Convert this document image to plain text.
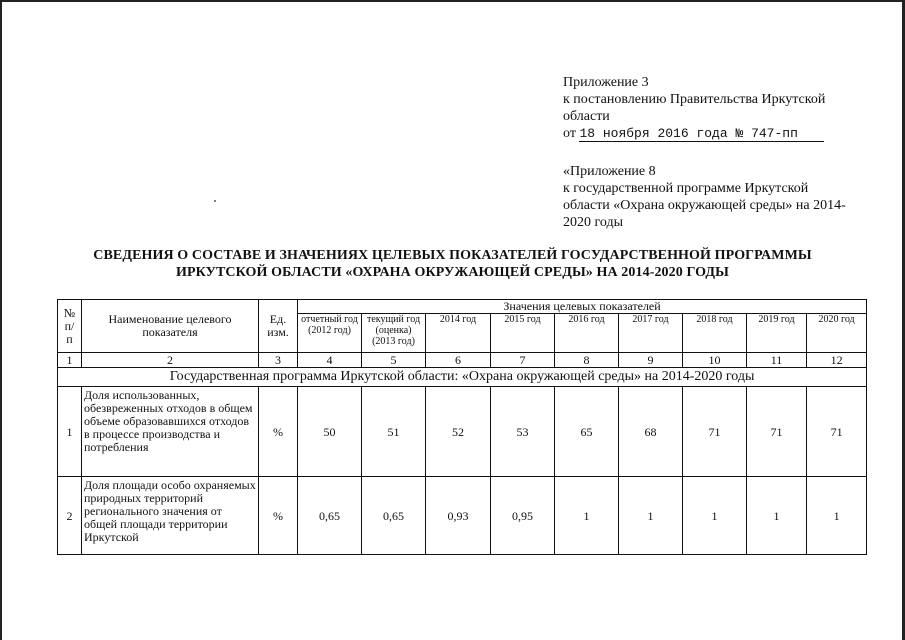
Приложение 3
к постановлению Правительства Иркутской
области
от 18 ноября 2016 года № 747-пп
«Приложение 8
к государственной программе Иркутской области «Охрана окружающей среды» на 2014-2020 годы
СВЕДЕНИЯ О СОСТАВЕ И ЗНАЧЕНИЯХ ЦЕЛЕВЫХ ПОКАЗАТЕЛЕЙ ГОСУДАРСТВЕННОЙ ПРОГРАММЫ
ИРКУТСКОЙ ОБЛАСТИ «ОХРАНА ОКРУЖАЮЩЕЙ СРЕДЫ» НА 2014-2020 ГОДЫ
№ п/ п	Наименование целевого показателя	Ед. изм.	Значения целевых показателей								
			отчетный год (2012 год)	текущий год (оценка) (2013 год)	2014 год	2015 год	2016 год	2017 год	2018 год	2019 год	2020 год
1	2	3	4	5	6	7	8	9	10	11	12
Государственная программа Иркутской области: «Охрана окружающей среды» на 2014-2020 годы											
1	Доля использованных, обезвреженных отходов в общем объеме образовавшихся отходов в процессе производства и потребления	%	50	51	52	53	65	68	71	71	71
2	Доля площади особо охраняемых природных территорий регионального значения от общей площади территории Иркутской	%	0,65	0,65	0,93	0,95	1	1	1	1	1
